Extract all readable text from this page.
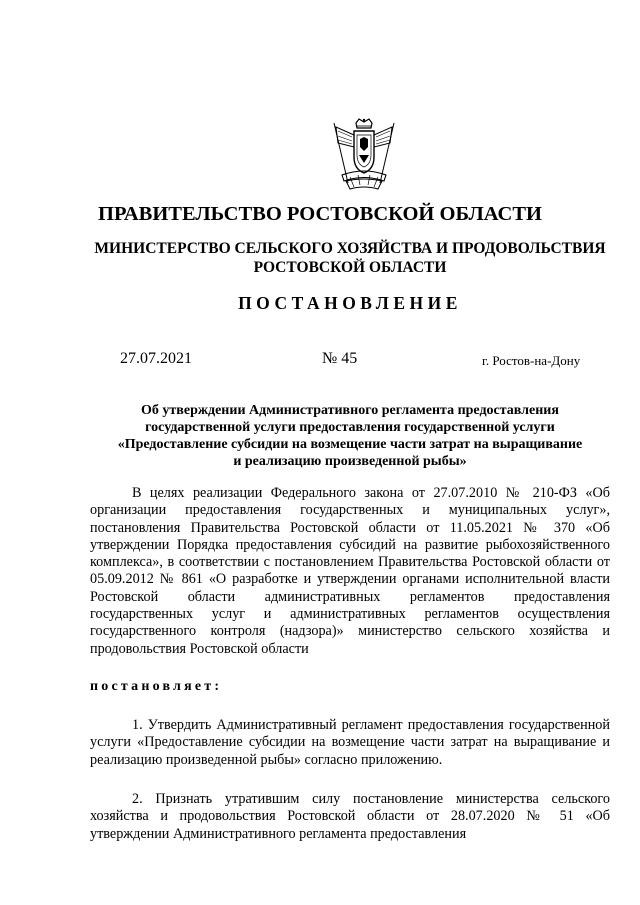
ПРАВИТЕЛЬСТВО РОСТОВСКОЙ ОБЛАСТИ
МИНИСТЕРСТВО СЕЛЬСКОГО ХОЗЯЙСТВА И ПРОДОВОЛЬСТВИЯ
РОСТОВСКОЙ ОБЛАСТИ
ПОСТАНОВЛЕНИЕ
27.07.2021	№ 45	г. Ростов-на-Дону
Об утверждении Административного регламента предоставления
государственной услуги предоставления государственной услуги
«Предоставление субсидии на возмещение части затрат на выращивание
и реализацию произведенной рыбы»
В целях реализации Федерального закона от 27.07.2010 № 210-ФЗ «Об организации предоставления государственных и муниципальных услуг», постановления Правительства Ростовской области от 11.05.2021 № 370 «Об утверждении Порядка предоставления субсидий на развитие рыбохозяйственного комплекса», в соответствии с постановлением Правительства Ростовской области от 05.09.2012 № 861 «О разработке и утверждении органами исполнительной власти Ростовской области административных регламентов предоставления государственных услуг и административных регламентов осуществления государственного контроля (надзора)» министерство сельского хозяйства и продовольствия Ростовской области
постановляет:
1. Утвердить Административный регламент предоставления государственной услуги «Предоставление субсидии на возмещение части затрат на выращивание и реализацию произведенной рыбы» согласно приложению.
2. Признать утратившим силу постановление министерства сельского хозяйства и продовольствия Ростовской области от 28.07.2020 № 51 «Об утверждении Административного регламента предоставления
